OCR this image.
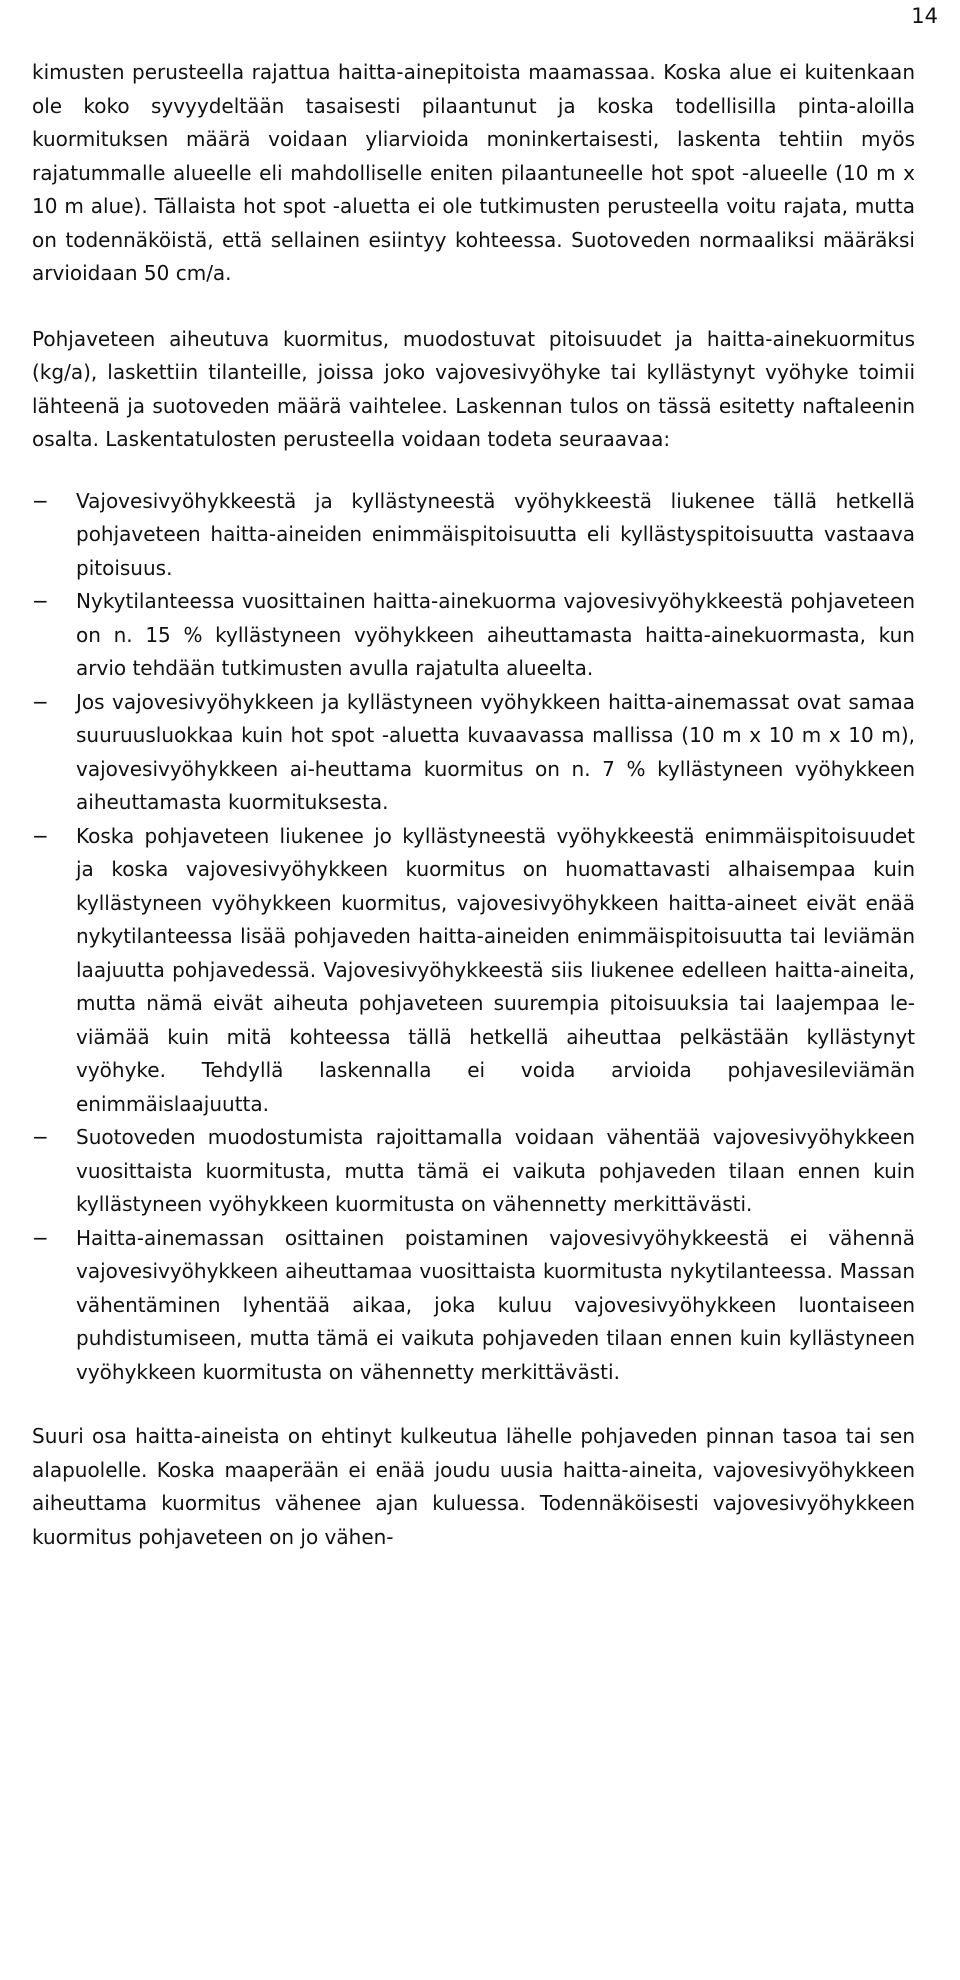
14

kimusten perusteella rajattua haitta-ainepitoista maamassaa. Koska alue ei kuitenkaan ole koko syvyydeltään tasaisesti pilaantunut ja koska todellisilla pinta-aloilla kuormituksen määrä voidaan yliarvioida moninkertaisesti, laskenta tehtiin myös rajatummalle alueelle eli mahdolliselle eniten pilaantuneelle hot spot -alueelle (10 m x 10 m alue). Tällaista hot spot -aluetta ei ole tutkimusten perusteella voitu rajata, mutta on todennäköistä, että sellainen esiintyy kohteessa. Suotoveden normaaliksi määräksi arvioidaan 50 cm/a.

Pohjaveteen aiheutuva kuormitus, muodostuvat pitoisuudet ja haitta-ainekuormitus (kg/a), laskettiin tilanteille, joissa joko vajovesivyöhyke tai kyllästynyt vyöhyke toimii lähteenä ja suotoveden määrä vaihtelee. Laskennan tulos on tässä esitetty naftaleenin osalta. Laskentatulosten perusteella voidaan todeta seuraavaa:

− Vajovesivyöhykkeestä ja kyllästyneestä vyöhykkeestä liukenee tällä hetkellä pohjaveteen haitta-aineiden enimmäispitoisuutta eli kyllästyspitoisuutta vastaava pitoisuus.
− Nykytilanteessa vuosittainen haitta-ainekuorma vajovesivyöhykkeestä pohjaveteen on n. 15 % kyllästyneen vyöhykkeen aiheuttamasta haitta-ainekuormasta, kun arvio tehdään tutkimusten avulla rajatulta alueelta.
− Jos vajovesivyöhykkeen ja kyllästyneen vyöhykkeen haitta-ainemassat ovat samaa suuruusluokkaa kuin hot spot -aluetta kuvaavassa mallissa (10 m x 10 m x 10 m), vajovesivyöhykkeen ai-heuttama kuormitus on n. 7 % kyllästyneen vyöhykkeen aiheuttamasta kuormituksesta.
− Koska pohjaveteen liukenee jo kyllästyneestä vyöhykkeestä enimmäispitoisuudet ja koska vajovesivyöhykkeen kuormitus on huomattavasti alhaisempaa kuin kyllästyneen vyöhykkeen kuormitus, vajovesivyöhykkeen haitta-aineet eivät enää nykytilanteessa lisää pohjaveden haitta-aineiden enimmäispitoisuutta tai leviämän laajuutta pohjavedessä. Vajovesivyöhykkeestä siis liukenee edelleen haitta-aineita, mutta nämä eivät aiheuta pohjaveteen suurempia pitoisuuksia tai laajempaa leviämää kuin mitä kohteessa tällä hetkellä aiheuttaa pelkästään kyllästynyt vyöhyke. Tehdyllä laskennalla ei voida arvioida pohjavesileviämän enimmäislaajuutta.
− Suotoveden muodostumista rajoittamalla voidaan vähentää vajovesivyöhykkeen vuosittaista kuormitusta, mutta tämä ei vaikuta pohjaveden tilaan ennen kuin kyllästyneen vyöhykkeen kuormitusta on vähennetty merkittävästi.
− Haitta-ainemassan osittainen poistaminen vajovesivyöhykkeestä ei vähennä vajovesivyöhykkeen aiheuttamaa vuosittaista kuormitusta nykytilanteessa. Massan vähentäminen lyhentää aikaa, joka kuluu vajovesivyöhykkeen luontaiseen puhdistumiseen, mutta tämä ei vaikuta pohjaveden tilaan ennen kuin kyllästyneen vyöhykkeen kuormitusta on vähennetty merkittävästi.

Suuri osa haitta-aineista on ehtinyt kulkeutua lähelle pohjaveden pinnan tasoa tai sen alapuolelle. Koska maaperään ei enää joudu uusia haitta-aineita, vajovesivyöhykkeen aiheuttama kuormitus vähenee ajan kuluessa. Todennäköisesti vajovesivyöhykkeen kuormitus pohjaveteen on jo vähen-
